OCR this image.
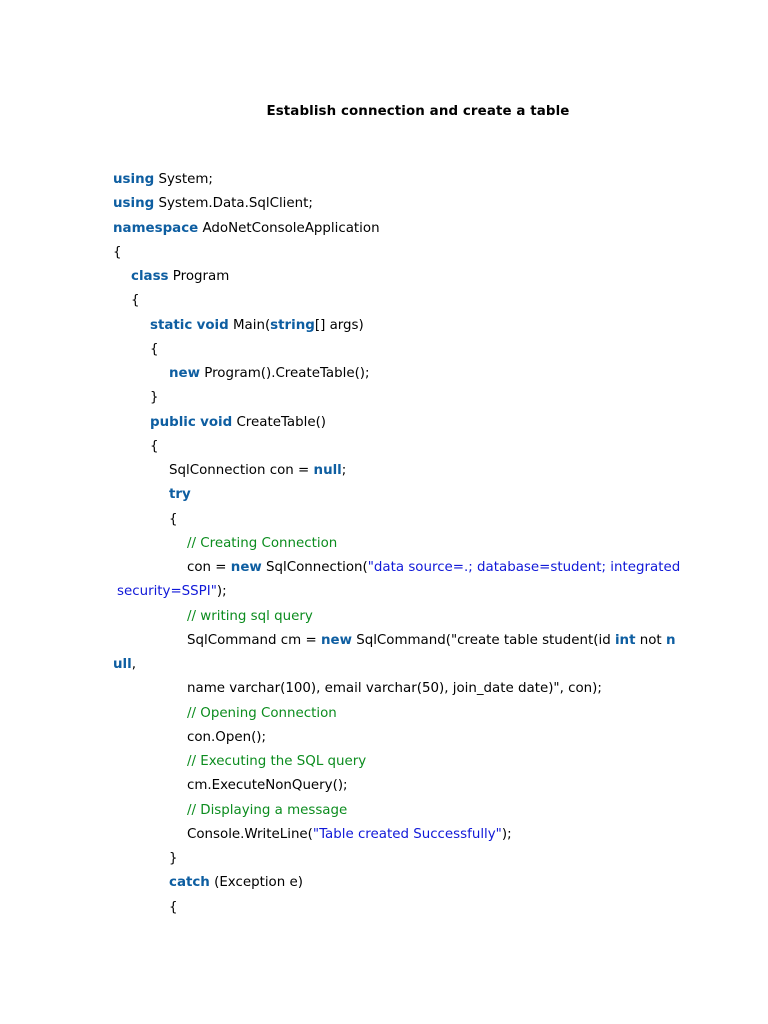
Establish connection and create a table
using System;
using System.Data.SqlClient;
namespace AdoNetConsoleApplication
{
class Program
{
static void Main(string[] args)
{
new Program().CreateTable();
}
public void CreateTable()
{
SqlConnection con = null;
try
{
// Creating Connection
con = new SqlConnection("data source=.; database=student; integrated
security=SSPI");
// writing sql query
SqlCommand cm = new SqlCommand("create table student(id int not n
ull,
name varchar(100), email varchar(50), join_date date)", con);
// Opening Connection
con.Open();
// Executing the SQL query
cm.ExecuteNonQuery();
// Displaying a message
Console.WriteLine("Table created Successfully");
}
catch (Exception e)
{
